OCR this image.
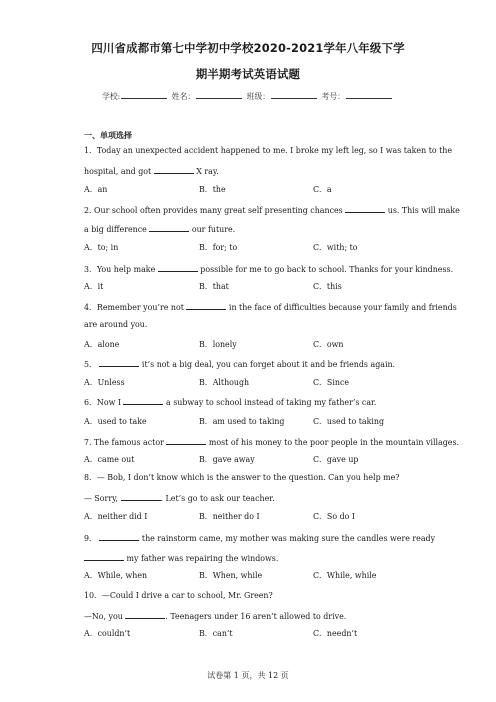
四川省成都市第七中学初中学校2020-2021学年八年级下学
期半期考试英语试题
学校:	姓名：	班级：	考号：
一、单项选择
1．Today an unexpected accident happened to me. I broke my left leg, so I was taken to the
hospital, and got	X ray.
A．an	B．the	C．a
2. Our school often provides many great self presenting chances	us. This will make
a big difference	our future.
A．to; in	B．for; to	C．with; to
3．You help make	possible for me to go back to school. Thanks for your kindness.
A．it	B．that	C．this
4．Remember you’re not	in the face of difficulties because your family and friends
are around you.
A．alone	B．lonely	C．own
5．	it’s not a big deal, you can forget about it and be friends again.
A．Unless	B．Although	C．Since
6．Now I	a subway to school instead of taking my father’s car.
A．used to take	B．am used to taking	C．used to taking
7. The famous actor	most of his money to the poor people in the mountain villages.
A．came out	B．gave away	C．gave up
8．— Bob, I don’t know which is the answer to the question. Can you help me?
— Sorry,	. Let’s go to ask our teacher.
A．neither did I	B．neither do I	C．So do I
9．	the rainstorm came, my mother was making sure the candles were ready
my father was repairing the windows.
A．While, when	B．When, while	C．While, while
10．—Could I drive a car to school, Mr. Green?
—No, you	. Teenagers under 16 aren’t allowed to drive.
A．couldn’t	B．can’t	C．needn’t
试卷第 1 页，共 12 页
